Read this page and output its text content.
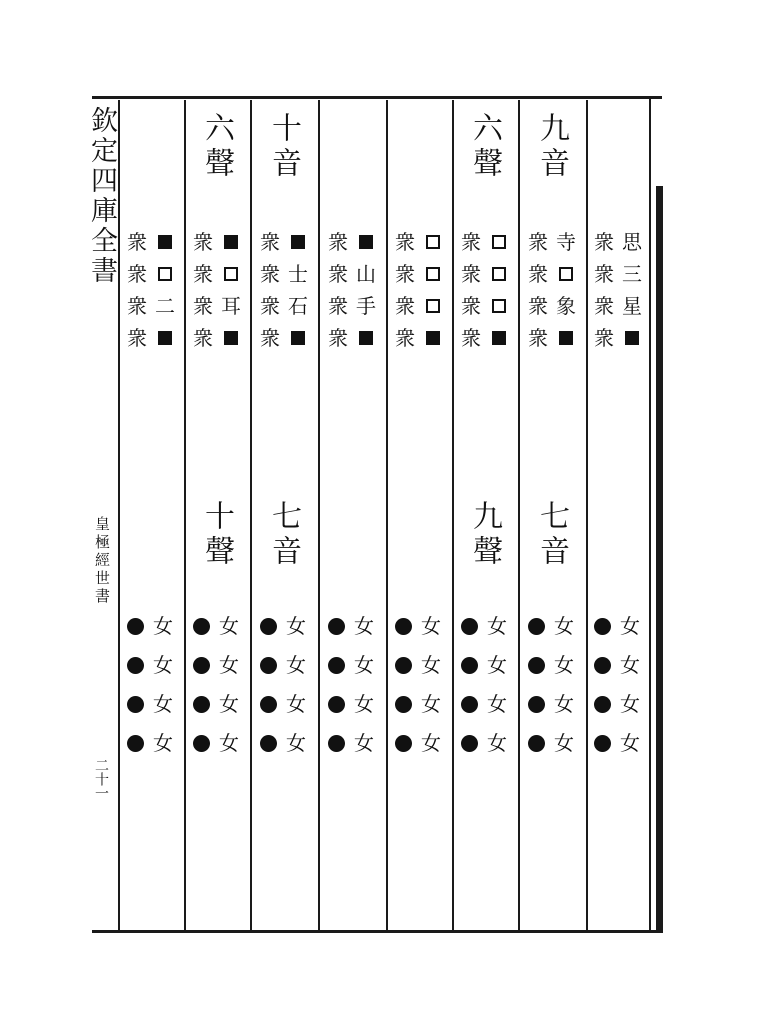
欽定四庫全書
皇極經世書
二十一
思
三
星
衆
衆
衆
衆
女
女
女
女
九音
寺
象
衆
衆
衆
衆
七音
女
女
女
女
六聲
衆
衆
衆
衆
九聲
女
女
女
女
衆
衆
衆
衆
女
女
女
女
山
手
衆
衆
衆
衆
女
女
女
女
十音
士
石
衆
衆
衆
衆
七音
女
女
女
女
六聲
耳
衆
衆
衆
衆
十聲
女
女
女
女
二
衆
衆
衆
衆
女
女
女
女
